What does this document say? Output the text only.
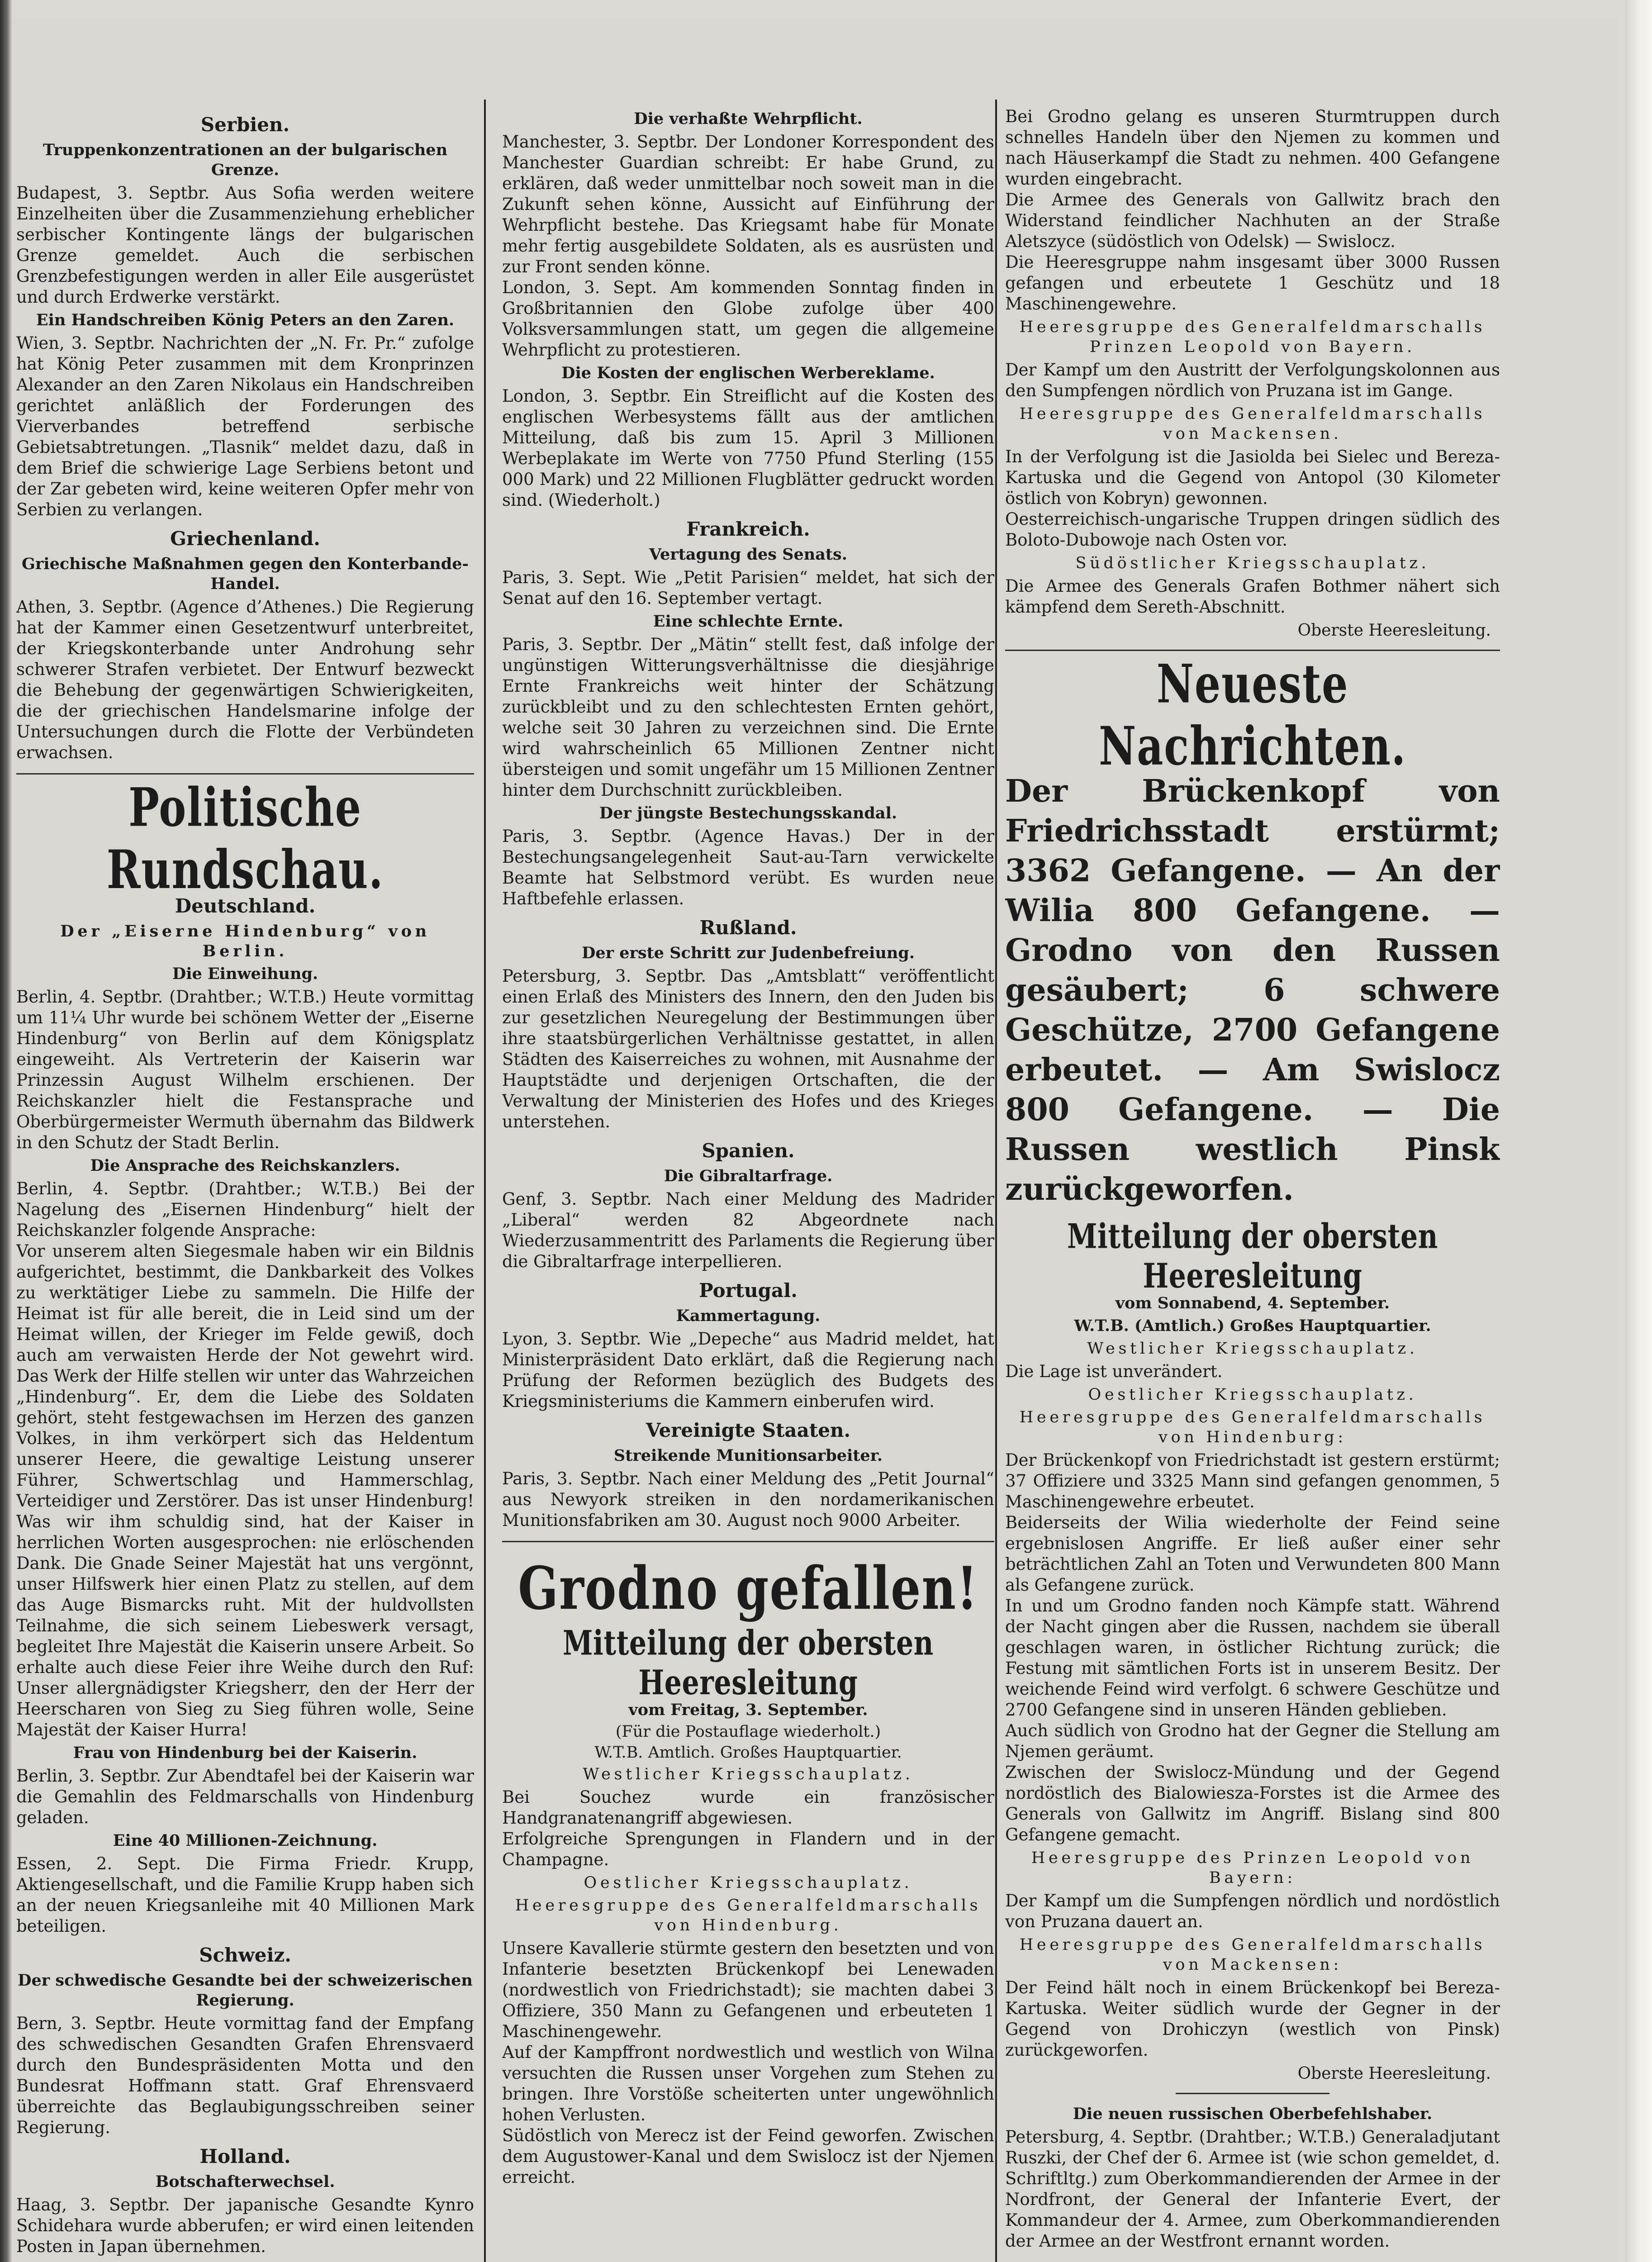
Serbien.
Truppenkonzentrationen an der bulgarischen Grenze.

Budapest, 3. Septbr. Aus Sofia werden weitere Einzelheiten über die Zusammenziehung erheblicher serbischer Kontingente längs der bulgarischen Grenze gemeldet. Auch die serbischen Grenzbefestigungen werden in aller Eile ausgerüstet und durch Erdwerke verstärkt.

Ein Handschreiben König Peters an den Zaren.

Wien, 3. Septbr. Nachrichten der „N. Fr. Pr.“ zufolge hat König Peter zusammen mit dem Kronprinzen Alexander an den Zaren Nikolaus ein Handschreiben gerichtet anläßlich der Forderungen des Vierverbandes betreffend serbische Gebietsabtretungen. „Tlasnik“ meldet dazu, daß in dem Brief die schwierige Lage Serbiens betont und der Zar gebeten wird, keine weiteren Opfer mehr von Serbien zu verlangen.

Griechenland.
Griechische Maßnahmen gegen den Konterbande-Handel.

Athen, 3. Septbr. (Agence d’Athenes.) Die Regierung hat der Kammer einen Gesetzentwurf unterbreitet, der Kriegskonterbande unter Androhung sehr schwerer Strafen verbietet. Der Entwurf bezweckt die Behebung der gegenwärtigen Schwierigkeiten, die der griechischen Handelsmarine infolge der Untersuchungen durch die Flotte der Verbündeten erwachsen.

Politische Rundschau.
Deutschland.
Der „Eiserne Hindenburg“ von Berlin.
Die Einweihung.

Berlin, 4. Septbr. (Drahtber.; W.T.B.) Heute vormittag um 11¼ Uhr wurde bei schönem Wetter der „Eiserne Hindenburg“ von Berlin auf dem Königsplatz eingeweiht. Als Vertreterin der Kaiserin war Prinzessin August Wilhelm erschienen. Der Reichskanzler hielt die Festansprache und Oberbürgermeister Wermuth übernahm das Bildwerk in den Schutz der Stadt Berlin.

Die Ansprache des Reichskanzlers.

Berlin, 4. Septbr. (Drahtber.; W.T.B.) Bei der Nagelung des „Eisernen Hindenburg“ hielt der Reichskanzler folgende Ansprache:

Vor unserem alten Siegesmale haben wir ein Bildnis aufgerichtet, bestimmt, die Dankbarkeit des Volkes zu werktätiger Liebe zu sammeln. Die Hilfe der Heimat ist für alle bereit, die in Leid sind um der Heimat willen, der Krieger im Felde gewiß, doch auch am verwaisten Herde der Not gewehrt wird. Das Werk der Hilfe stellen wir unter das Wahrzeichen „Hindenburg“. Er, dem die Liebe des Soldaten gehört, steht festgewachsen im Herzen des ganzen Volkes, in ihm verkörpert sich das Heldentum unserer Heere, die gewaltige Leistung unserer Führer, Schwertschlag und Hammerschlag, Verteidiger und Zerstörer. Das ist unser Hindenburg! Was wir ihm schuldig sind, hat der Kaiser in herrlichen Worten ausgesprochen: nie erlöschenden Dank. Die Gnade Seiner Majestät hat uns vergönnt, unser Hilfswerk hier einen Platz zu stellen, auf dem das Auge Bismarcks ruht. Mit der huldvollsten Teilnahme, die sich seinem Liebeswerk versagt, begleitet Ihre Majestät die Kaiserin unsere Arbeit. So erhalte auch diese Feier ihre Weihe durch den Ruf: Unser allergnädigster Kriegsherr, den der Herr der Heerscharen von Sieg zu Sieg führen wolle, Seine Majestät der Kaiser Hurra!

Frau von Hindenburg bei der Kaiserin.

Berlin, 3. Septbr. Zur Abendtafel bei der Kaiserin war die Gemahlin des Feldmarschalls von Hindenburg geladen.

Eine 40 Millionen-Zeichnung.

Essen, 2. Sept. Die Firma Friedr. Krupp, Aktiengesellschaft, und die Familie Krupp haben sich an der neuen Kriegsanleihe mit 40 Millionen Mark beteiligen.

Schweiz.
Der schwedische Gesandte bei der schweizerischen Regierung.

Bern, 3. Septbr. Heute vormittag fand der Empfang des schwedischen Gesandten Grafen Ehrensvaerd durch den Bundespräsidenten Motta und den Bundesrat Hoffmann statt. Graf Ehrensvaerd überreichte das Beglaubigungsschreiben seiner Regierung.

Holland.
Botschafterwechsel.

Haag, 3. Septbr. Der japanische Gesandte Kynro Schidehara wurde abberufen; er wird einen leitenden Posten in Japan übernehmen.

Die verhaßte Wehrpflicht.

Manchester, 3. Septbr. Der Londoner Korrespondent des Manchester Guardian schreibt: Er habe Grund, zu erklären, daß weder unmittelbar noch soweit man in die Zukunft sehen könne, Aussicht auf Einführung der Wehrpflicht bestehe. Das Kriegsamt habe für Monate mehr fertig ausgebildete Soldaten, als es ausrüsten und zur Front senden könne.

London, 3. Sept. Am kommenden Sonntag finden in Großbritannien den Globe zufolge über 400 Volksversammlungen statt, um gegen die allgemeine Wehrpflicht zu protestieren.

Die Kosten der englischen Werbereklame.

London, 3. Septbr. Ein Streiflicht auf die Kosten des englischen Werbesystems fällt aus der amtlichen Mitteilung, daß bis zum 15. April 3 Millionen Werbeplakate im Werte von 7750 Pfund Sterling (155 000 Mark) und 22 Millionen Flugblätter gedruckt worden sind. (Wiederholt.)

Frankreich.
Vertagung des Senats.

Paris, 3. Sept. Wie „Petit Parisien“ meldet, hat sich der Senat auf den 16. September vertagt.

Eine schlechte Ernte.

Paris, 3. Septbr. Der „Mätin“ stellt fest, daß infolge der ungünstigen Witterungsverhältnisse die diesjährige Ernte Frankreichs weit hinter der Schätzung zurückbleibt und zu den schlechtesten Ernten gehört, welche seit 30 Jahren zu verzeichnen sind. Die Ernte wird wahrscheinlich 65 Millionen Zentner nicht übersteigen und somit ungefähr um 15 Millionen Zentner hinter dem Durchschnitt zurückbleiben.

Der jüngste Bestechungsskandal.

Paris, 3. Septbr. (Agence Havas.) Der in der Bestechungsangelegenheit Saut-au-Tarn verwickelte Beamte hat Selbstmord verübt. Es wurden neue Haftbefehle erlassen.

Rußland.
Der erste Schritt zur Judenbefreiung.

Petersburg, 3. Septbr. Das „Amtsblatt“ veröffentlicht einen Erlaß des Ministers des Innern, den den Juden bis zur gesetzlichen Neuregelung der Bestimmungen über ihre staatsbürgerlichen Verhältnisse gestattet, in allen Städten des Kaiserreiches zu wohnen, mit Ausnahme der Hauptstädte und derjenigen Ortschaften, die der Verwaltung der Ministerien des Hofes und des Krieges unterstehen.

Spanien.
Die Gibraltarfrage.

Genf, 3. Septbr. Nach einer Meldung des Madrider „Liberal“ werden 82 Abgeordnete nach Wiederzusammentritt des Parlaments die Regierung über die Gibraltarfrage interpellieren.

Portugal.
Kammertagung.

Lyon, 3. Septbr. Wie „Depeche“ aus Madrid meldet, hat Ministerpräsident Dato erklärt, daß die Regierung nach Prüfung der Reformen bezüglich des Budgets des Kriegsministeriums die Kammern einberufen wird.

Vereinigte Staaten.
Streikende Munitionsarbeiter.

Paris, 3. Septbr. Nach einer Meldung des „Petit Journal“ aus Newyork streiken in den nordamerikanischen Munitionsfabriken am 30. August noch 9000 Arbeiter.

Grodno gefallen!
Mitteilung der obersten Heeresleitung
vom Freitag, 3. September.
(Für die Postauflage wiederholt.)
W.T.B. Amtlich. Großes Hauptquartier.
Westlicher Kriegsschauplatz.

Bei Souchez wurde ein französischer Handgranatenangriff abgewiesen.

Erfolgreiche Sprengungen in Flandern und in der Champagne.

Oestlicher Kriegsschauplatz.
Heeresgruppe des Generalfeldmarschalls von Hindenburg.

Unsere Kavallerie stürmte gestern den besetzten und von Infanterie besetzten Brückenkopf bei Lenewaden (nordwestlich von Friedrichstadt); sie machten dabei 3 Offiziere, 350 Mann zu Gefangenen und erbeuteten 1 Maschinengewehr.

Auf der Kampffront nordwestlich und westlich von Wilna versuchten die Russen unser Vorgehen zum Stehen zu bringen. Ihre Vorstöße scheiterten unter ungewöhnlich hohen Verlusten.

Südöstlich von Merecz ist der Feind geworfen. Zwischen dem Augustower-Kanal und dem Swislocz ist der Njemen erreicht.

Bei Grodno gelang es unseren Sturmtruppen durch schnelles Handeln über den Njemen zu kommen und nach Häuserkampf die Stadt zu nehmen. 400 Gefangene wurden eingebracht.

Die Armee des Generals von Gallwitz brach den Widerstand feindlicher Nachhuten an der Straße Aletszyce (südöstlich von Odelsk) — Swislocz.

Die Heeresgruppe nahm insgesamt über 3000 Russen gefangen und erbeutete 1 Geschütz und 18 Maschinengewehre.

Heeresgruppe des Generalfeldmarschalls Prinzen Leopold von Bayern.

Der Kampf um den Austritt der Verfolgungskolonnen aus den Sumpfengen nördlich von Pruzana ist im Gange.

Heeresgruppe des Generalfeldmarschalls von Mackensen.

In der Verfolgung ist die Jasiolda bei Sielec und Bereza-Kartuska und die Gegend von Antopol (30 Kilometer östlich von Kobryn) gewonnen.

Oesterreichisch-ungarische Truppen dringen südlich des Boloto-Dubowoje nach Osten vor.

Südöstlicher Kriegsschauplatz.

Die Armee des Generals Grafen Bothmer nähert sich kämpfend dem Sereth-Abschnitt.

Oberste Heeresleitung.
Neueste Nachrichten.

Der Brückenkopf von Friedrichsstadt erstürmt; 3362 Gefangene. — An der Wilia 800 Gefangene. — Grodno von den Russen gesäubert; 6 schwere Geschütze, 2700 Gefangene erbeutet. — Am Swislocz 800 Gefangene. — Die Russen westlich Pinsk zurückgeworfen.

Mitteilung der obersten Heeresleitung
vom Sonnabend, 4. September.
W.T.B. (Amtlich.) Großes Hauptquartier.
Westlicher Kriegsschauplatz.

Die Lage ist unverändert.

Oestlicher Kriegsschauplatz.
Heeresgruppe des Generalfeldmarschalls von Hindenburg:

Der Brückenkopf von Friedrichstadt ist gestern erstürmt; 37 Offiziere und 3325 Mann sind gefangen genommen, 5 Maschinengewehre erbeutet.

Beiderseits der Wilia wiederholte der Feind seine ergebnislosen Angriffe. Er ließ außer einer sehr beträchtlichen Zahl an Toten und Verwundeten 800 Mann als Gefangene zurück.

In und um Grodno fanden noch Kämpfe statt. Während der Nacht gingen aber die Russen, nachdem sie überall geschlagen waren, in östlicher Richtung zurück; die Festung mit sämtlichen Forts ist in unserem Besitz. Der weichende Feind wird verfolgt. 6 schwere Geschütze und 2700 Gefangene sind in unseren Händen geblieben.

Auch südlich von Grodno hat der Gegner die Stellung am Njemen geräumt.

Zwischen der Swislocz-Mündung und der Gegend nordöstlich des Bialowiesza-Forstes ist die Armee des Generals von Gallwitz im Angriff. Bislang sind 800 Gefangene gemacht.

Heeresgruppe des Prinzen Leopold von Bayern:

Der Kampf um die Sumpfengen nördlich und nordöstlich von Pruzana dauert an.

Heeresgruppe des Generalfeldmarschalls von Mackensen:

Der Feind hält noch in einem Brückenkopf bei Bereza-Kartuska. Weiter südlich wurde der Gegner in der Gegend von Drohiczyn (westlich von Pinsk) zurückgeworfen.

Oberste Heeresleitung.
Die neuen russischen Oberbefehlshaber.

Petersburg, 4. Septbr. (Drahtber.; W.T.B.) Generaladjutant Ruszki, der Chef der 6. Armee ist (wie schon gemeldet, d. Schriftltg.) zum Oberkommandierenden der Armee in der Nordfront, der General der Infanterie Evert, der Kommandeur der 4. Armee, zum Oberkommandierenden der Armee an der Westfront ernannt worden.
